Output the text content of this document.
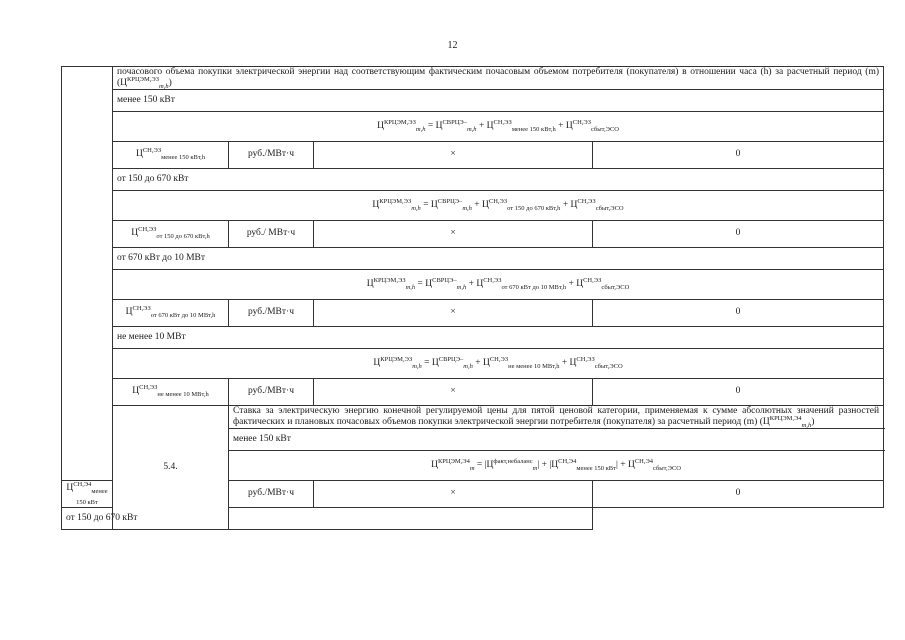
12
	почасового объема покупки электрической энергии над соответствующим фактическим почасовым объемом потребителя (покупателя) в отношении часа (h) за расчетный период (m) $(Ц^{КРЦЭМ,ЭЗ}_{m,h})$			
	менее 150 кВт			
	$Ц^{КРЦЭМ,ЭЗ}_{m,h} = Ц^{СВРЦЭ-}_{m,h} + Ц^{СН,ЭЗ}_{менее 150 кВт,h} + Ц^{СН,ЭЗ}_{сбыт,ЭСО}$
	$Ц^{СН,ЭЗ}_{менее 150 кВт,h}$	руб./МВт·ч	×	0
	от 150 до 670 кВт			
	$Ц^{КРЦЭМ,ЭЗ}_{m,h} = Ц^{СВРЦЭ-}_{m,h} + Ц^{СН,ЭЗ}_{от 150 до 670 кВт,h} + Ц^{СН,ЭЗ}_{сбыт,ЭСО}$
	$Ц^{СН,ЭЗ}_{от 150 до 670 кВт,h}$	руб./ МВт·ч	×	0
	от 670 кВт до 10 МВт			
	$Ц^{КРЦЭМ,ЭЗ}_{m,h} = Ц^{СВРЦЭ-}_{m,h} + Ц^{СН,ЭЗ}_{от 670 кВт до 10 МВт,h} + Ц^{СН,ЭЗ}_{сбыт,ЭСО}$
	$Ц^{СН,ЭЗ}_{от 670 кВт до 10 МВт,h}$	руб./МВт·ч	×	0
	не менее 10 МВт			
	$Ц^{КРЦЭМ,ЭЗ}_{m,h} = Ц^{СВРЦЭ-}_{m,h} + Ц^{СН,ЭЗ}_{не менее 10 МВт,h} + Ц^{СН,ЭЗ}_{сбыт,ЭСО}$
	$Ц^{СН,ЭЗ}_{не менее 10 МВт,h}$	руб./МВт·ч	×	0
	5.4.	Ставка за электрическую энергию конечной регулируемой цены для пятой ценовой категории, применяемая к сумме абсолютных значений разностей фактических и плановых почасовых объемов покупки электрической энергии потребителя (покупателя) за расчетный период (m) $(Ц^{КРЦЭМ,Э4}_{m,h})$		
		менее 150 кВт		
		$Ц^{КРЦЭМ,Э4}_m = |Ц^{факт,небаланс}_m| + |Ц^{СН,Э4}_{менее 150 кВт}| + Ц^{СН,Э4}_{сбыт,ЭСО}$
$Ц^{СН,Э4}_{менее 150 кВт}$		руб./МВт·ч	×	0
от 150 до 670 кВт				
